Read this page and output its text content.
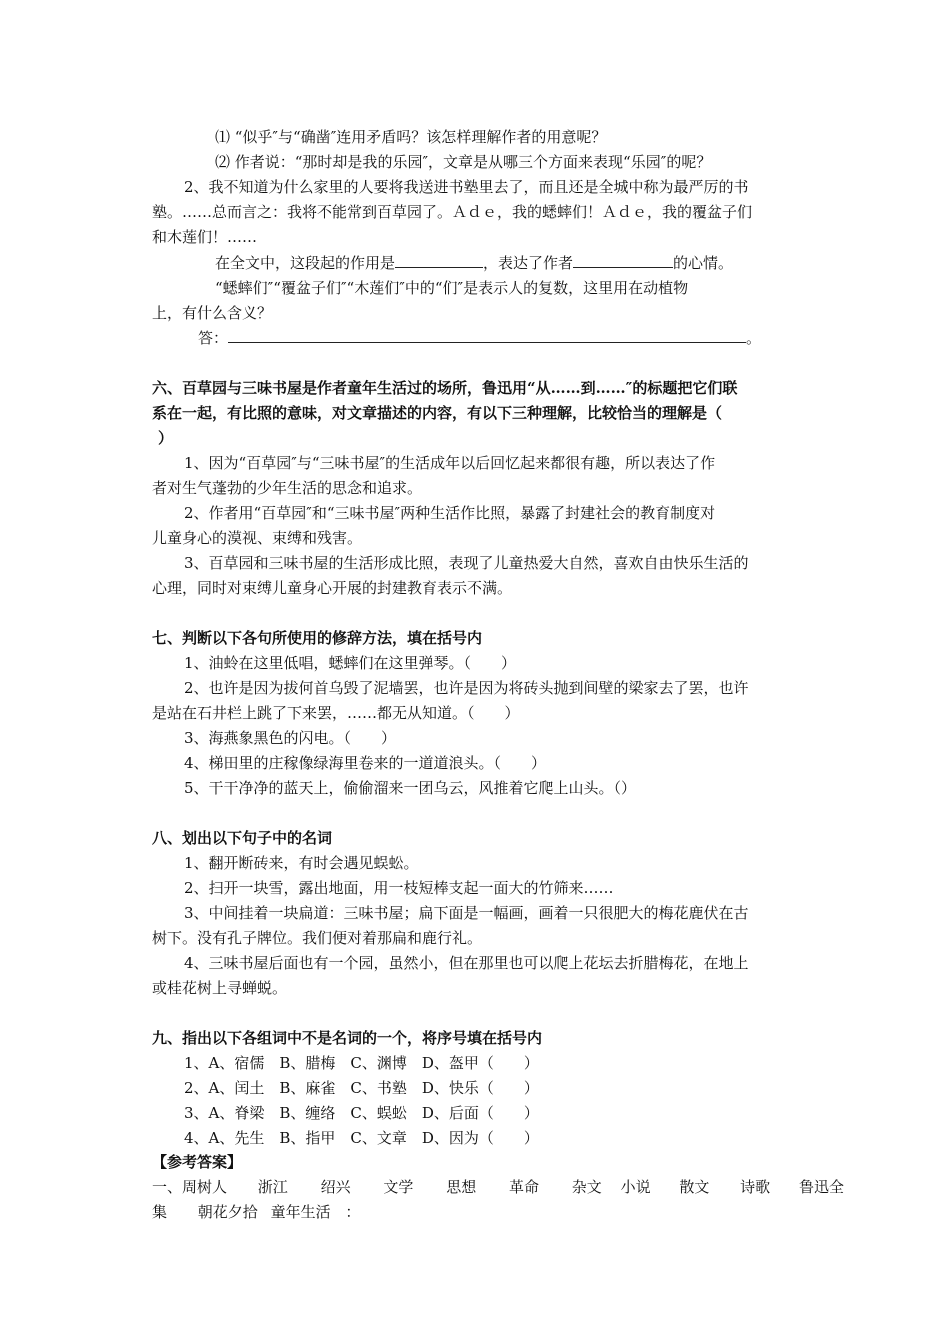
⑴ “似乎″与“确凿″连用矛盾吗？该怎样理解作者的用意呢？
⑵ 作者说：“那时却是我的乐园″，文章是从哪三个方面来表现“乐园″的呢？
2、我不知道为什么家里的人要将我送进书塾里去了，而且还是全城中称为最严厉的书
塾。……总而言之：我将不能常到百草园了。Ａｄｅ，我的蟋蟀们！Ａｄｅ，我的覆盆子们
和木莲们！……
在全文中，这段起的作用是	，表达了作者	的心情。
“蟋蟀们″“覆盆子们″“木莲们″中的“们″是表示人的复数，这里用在动植物
上，有什么含义？
答：	。
六、百草园与三味书屋是作者童年生活过的场所，鲁迅用“从……到……″的标题把它们联
系在一起，有比照的意味，对文章描述的内容，有以下三种理解，比较恰当的理解是（
）
1、因为“百草园″与“三味书屋″的生活成年以后回忆起来都很有趣，所以表达了作
者对生气蓬勃的少年生活的思念和追求。
2、作者用“百草园″和“三味书屋″两种生活作比照，暴露了封建社会的教育制度对
儿童身心的漠视、束缚和残害。
3、百草园和三味书屋的生活形成比照，表现了儿童热爱大自然，喜欢自由快乐生活的
心理，同时对束缚儿童身心开展的封建教育表示不满。
七、判断以下各句所使用的修辞方法，填在括号内
1、油蛉在这里低唱，蟋蟀们在这里弹琴。（　　）
2、也许是因为拔何首乌毁了泥墙罢，也许是因为将砖头抛到间壁的梁家去了罢，也许
是站在石井栏上跳了下来罢，……都无从知道。（　　）
3、海燕象黑色的闪电。（　　）
4、梯田里的庄稼像绿海里卷来的一道道浪头。（　　）
5、干干净净的蓝天上，偷偷溜来一团乌云，风推着它爬上山头。（）
八、划出以下句子中的名词
1、翻开断砖来，有时会遇见蜈蚣。
2、扫开一块雪，露出地面，用一枝短棒支起一面大的竹筛来……
3、中间挂着一块扁道：三味书屋；扁下面是一幅画，画着一只很肥大的梅花鹿伏在古
树下。没有孔子牌位。我们便对着那扁和鹿行礼。
4、三味书屋后面也有一个园，虽然小，但在那里也可以爬上花坛去折腊梅花，在地上
或桂花树上寻蝉蜕。
九、指出以下各组词中不是名词的一个，将序号填在括号内
1、A、宿儒　B、腊梅　C、渊博　D、盔甲（　　）
2、A、闰土　B、麻雀　C、书塾　D、快乐（　　）
3、A、脊梁　B、缠络　C、蜈蚣　D、后面（　　）
4、A、先生　B、指甲　C、文章　D、因为（　　）
【参考答案】
一、周树人 浙江 绍兴 文学 思想 革命 杂文 小说 散文 诗歌 鲁迅全
集 朝花夕拾 童年生活 ：
